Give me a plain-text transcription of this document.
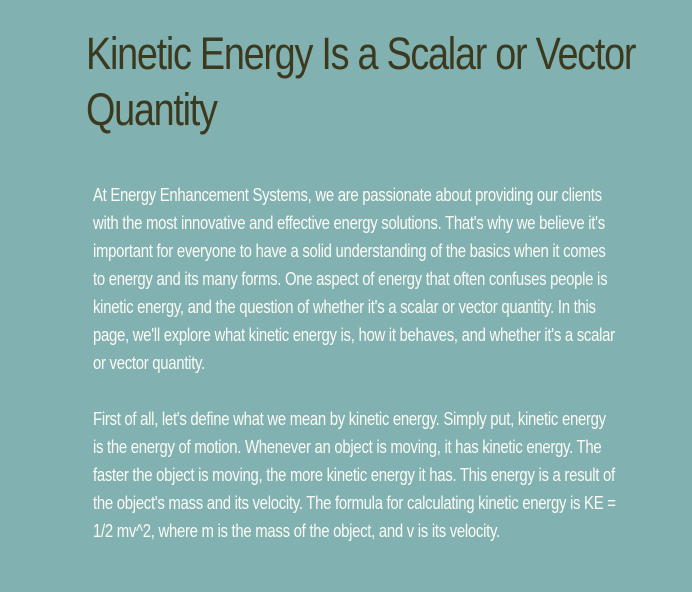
Kinetic Energy Is a Scalar or Vector Quantity

At Energy Enhancement Systems, we are passionate about providing our clients with the most innovative and effective energy solutions. That's why we believe it's important for everyone to have a solid understanding of the basics when it comes to energy and its many forms. One aspect of energy that often confuses people is kinetic energy, and the question of whether it's a scalar or vector quantity. In this page, we'll explore what kinetic energy is, how it behaves, and whether it's a scalar or vector quantity.

First of all, let's define what we mean by kinetic energy. Simply put, kinetic energy is the energy of motion. Whenever an object is moving, it has kinetic energy. The faster the object is moving, the more kinetic energy it has. This energy is a result of the object's mass and its velocity. The formula for calculating kinetic energy is KE = 1/2 mv^2, where m is the mass of the object, and v is its velocity.
